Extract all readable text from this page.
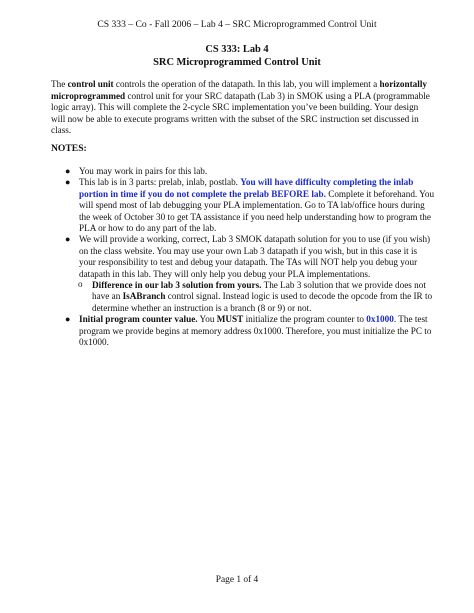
CS 333 – Co - Fall 2006 – Lab 4 – SRC Microprogrammed Control Unit
CS 333: Lab 4
SRC Microprogrammed Control Unit
The control unit controls the operation of the datapath. In this lab, you will implement a horizontally microprogrammed control unit for your SRC datapath (Lab 3) in SMOK using a PLA (programmable logic array). This will complete the 2-cycle SRC implementation you’ve been building. Your design will now be able to execute programs written with the subset of the SRC instruction set discussed in class.
NOTES:
● You may work in pairs for this lab.
● This lab is in 3 parts: prelab, inlab, postlab. You will have difficulty completing the inlab portion in time if you do not complete the prelab BEFORE lab. Complete it beforehand. You will spend most of lab debugging your PLA implementation. Go to TA lab/office hours during the week of October 30 to get TA assistance if you need help understanding how to program the PLA or how to do any part of the lab.
● We will provide a working, correct, Lab 3 SMOK datapath solution for you to use (if you wish) on the class website. You may use your own Lab 3 datapath if you wish, but in this case it is your responsibility to test and debug your datapath. The TAs will NOT help you debug your datapath in this lab. They will only help you debug your PLA implementations.
o Difference in our lab 3 solution from yours. The Lab 3 solution that we provide does not have an IsABranch control signal. Instead logic is used to decode the opcode from the IR to determine whether an instruction is a branch (8 or 9) or not.
● Initial program counter value. You MUST initialize the program counter to 0x1000. The test program we provide begins at memory address 0x1000. Therefore, you must initialize the PC to 0x1000.
Page 1 of 4
